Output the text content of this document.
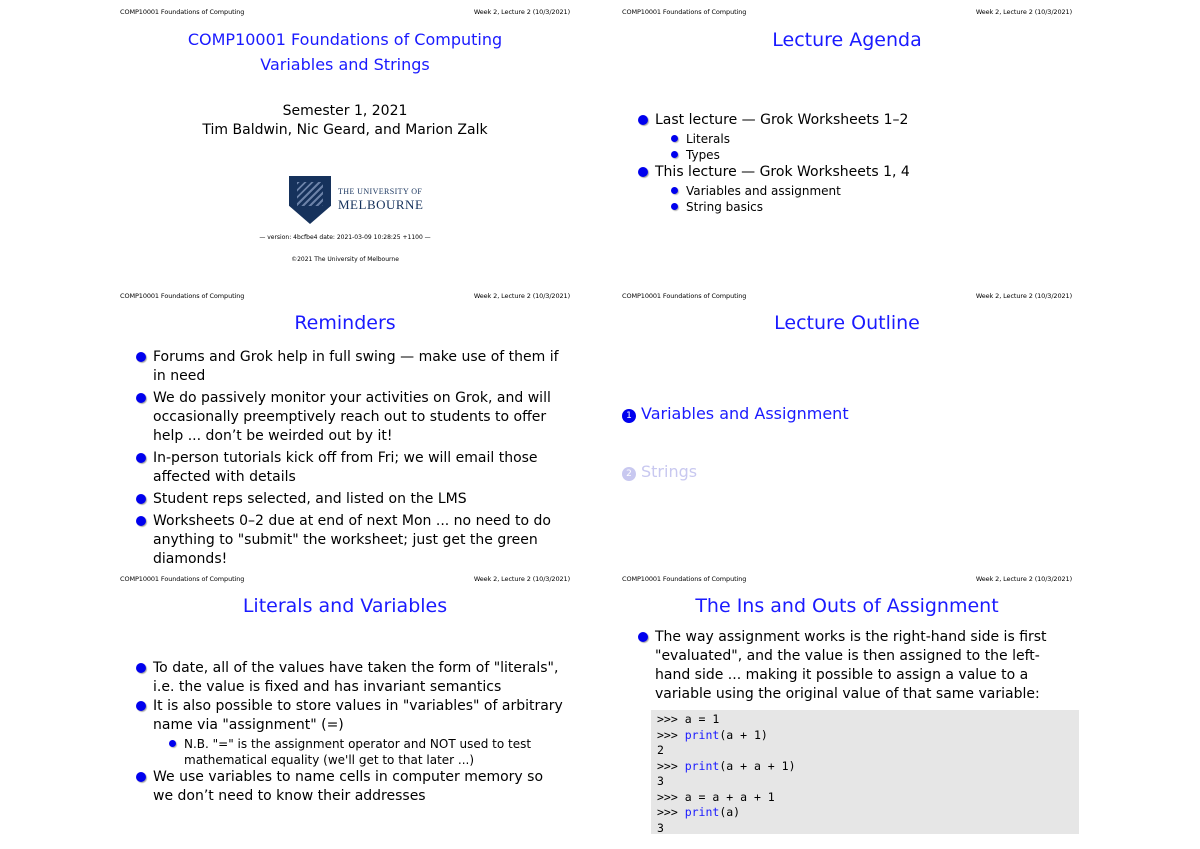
COMP10001 Foundations of Computing	Week 2, Lecture 2 (10/3/2021)
COMP10001 Foundations of Computing
Variables and Strings
Semester 1, 2021
Tim Baldwin, Nic Geard, and Marion Zalk
THE UNIVERSITY OF
MELBOURNE
— version: 4bcfbe4 date: 2021-03-09 10:28:25 +1100 —
©2021 The University of Melbourne
COMP10001 Foundations of Computing	Week 2, Lecture 2 (10/3/2021)
Lecture Agenda
Last lecture — Grok Worksheets 1–2
Literals
Types
This lecture — Grok Worksheets 1, 4
Variables and assignment
String basics
COMP10001 Foundations of Computing	Week 2, Lecture 2 (10/3/2021)
Reminders
Forums and Grok help in full swing — make use of them if in need
We do passively monitor your activities on Grok, and will occasionally preemptively reach out to students to offer help ... don’t be weirded out by it!
In-person tutorials kick off from Fri; we will email those affected with details
Student reps selected, and listed on the LMS
Worksheets 0–2 due at end of next Mon ... no need to do anything to "submit" the worksheet; just get the green diamonds!
COMP10001 Foundations of Computing	Week 2, Lecture 2 (10/3/2021)
Lecture Outline
1 Variables and Assignment
2 Strings
COMP10001 Foundations of Computing	Week 2, Lecture 2 (10/3/2021)
Literals and Variables
To date, all of the values have taken the form of "literals", i.e. the value is fixed and has invariant semantics
It is also possible to store values in "variables" of arbitrary name via "assignment" (=)
N.B. "=" is the assignment operator and NOT used to test mathematical equality (we'll get to that later ...)
We use variables to name cells in computer memory so we don’t need to know their addresses
COMP10001 Foundations of Computing	Week 2, Lecture 2 (10/3/2021)
The Ins and Outs of Assignment
The way assignment works is the right-hand side is first "evaluated", and the value is then assigned to the left-hand side ... making it possible to assign a value to a variable using the original value of that same variable:
>>> a = 1
>>> print(a + 1)
2
>>> print(a + a + 1)
3
>>> a = a + a + 1
>>> print(a)
3
